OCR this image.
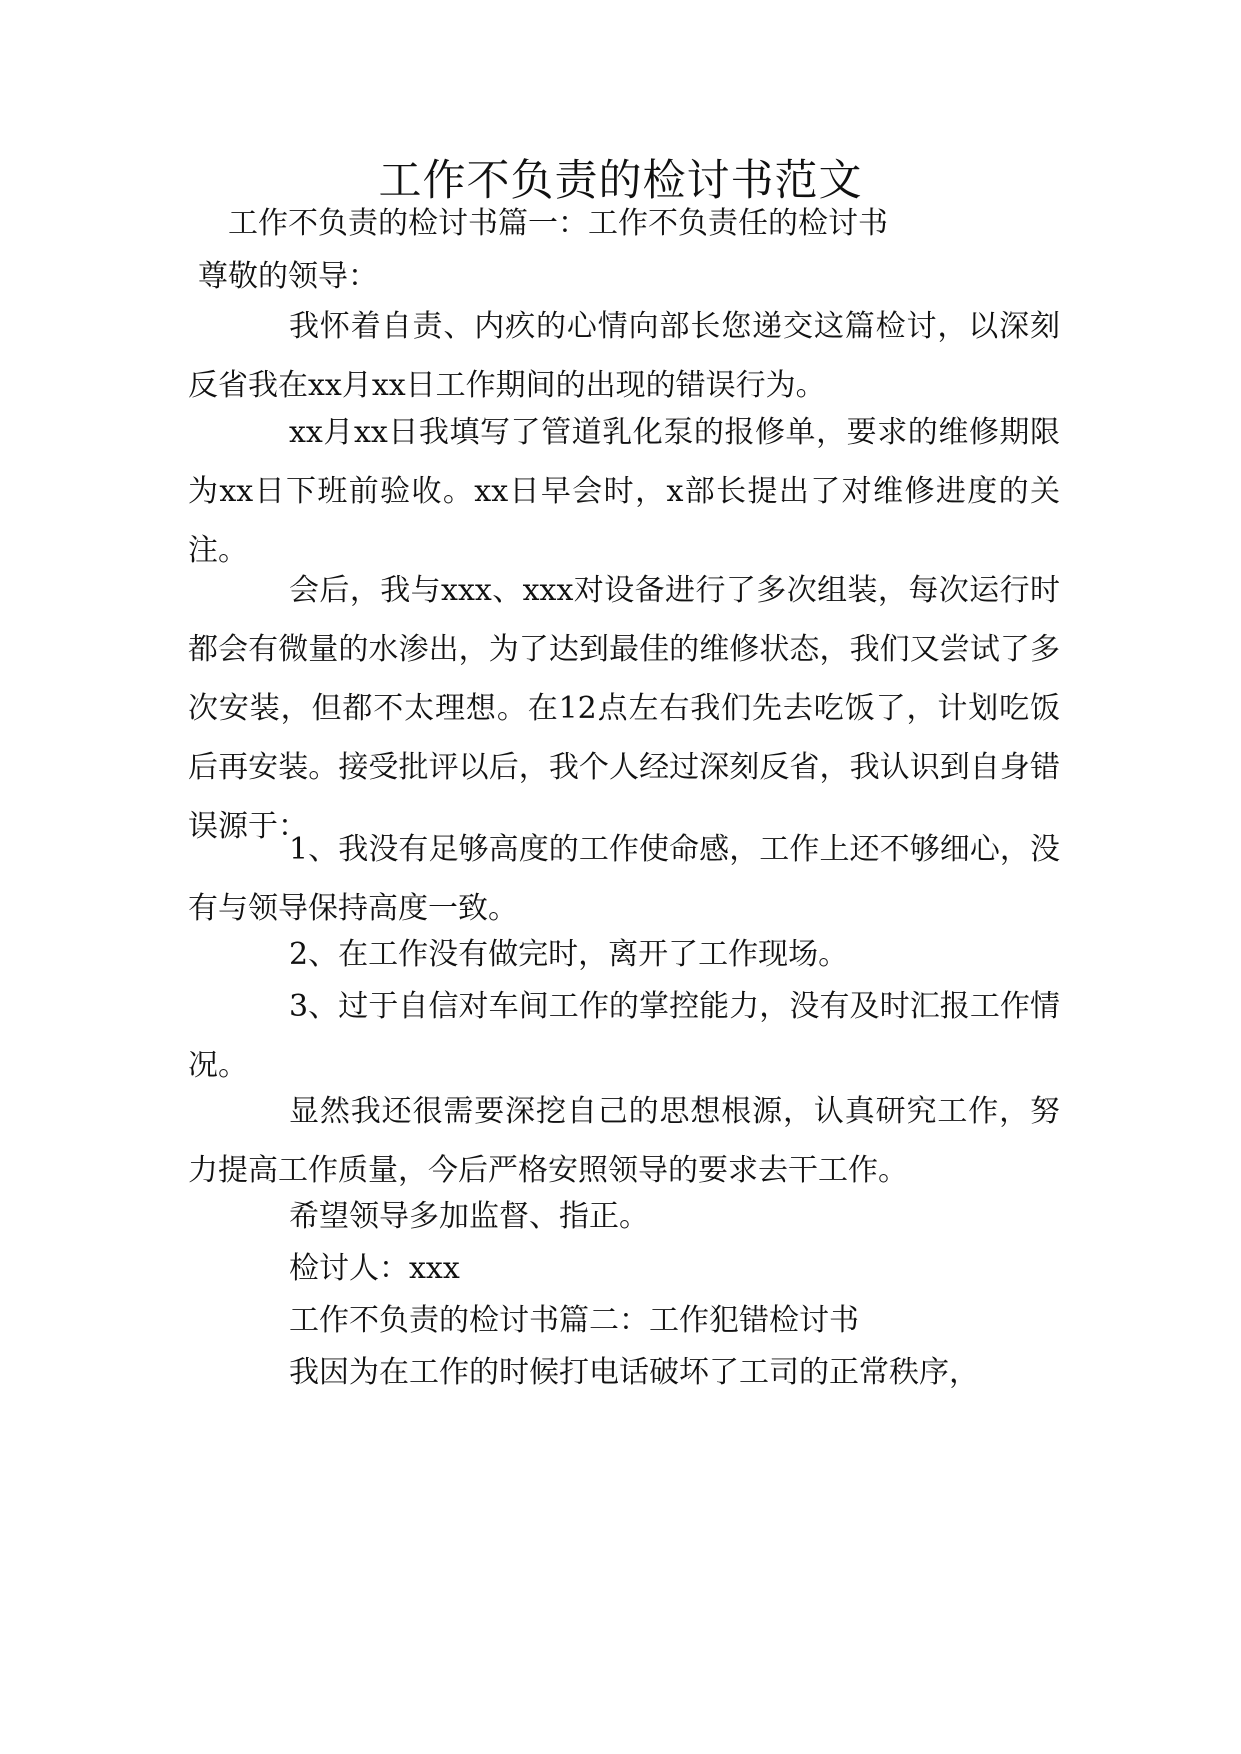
工作不负责的检讨书范文

工作不负责的检讨书篇一：工作不负责任的检讨书

尊敬的领导：

我怀着自责、内疚的心情向部长您递交这篇检讨，以深刻反省我在xx月xx日工作期间的出现的错误行为。

xx月xx日我填写了管道乳化泵的报修单，要求的维修期限为xx日下班前验收。xx日早会时，x部长提出了对维修进度的关注。

会后，我与xxx、xxx对设备进行了多次组装，每次运行时都会有微量的水渗出，为了达到最佳的维修状态，我们又尝试了多次安装，但都不太理想。在12点左右我们先去吃饭了，计划吃饭后再安装。接受批评以后，我个人经过深刻反省，我认识到自身错误源于：

1、我没有足够高度的工作使命感，工作上还不够细心，没有与领导保持高度一致。

2、在工作没有做完时，离开了工作现场。

3、过于自信对车间工作的掌控能力，没有及时汇报工作情况。

显然我还很需要深挖自己的思想根源，认真研究工作，努力提高工作质量，今后严格安照领导的要求去干工作。

希望领导多加监督、指正。

检讨人：xxx

工作不负责的检讨书篇二：工作犯错检讨书

我因为在工作的时候打电话破坏了工司的正常秩序，
